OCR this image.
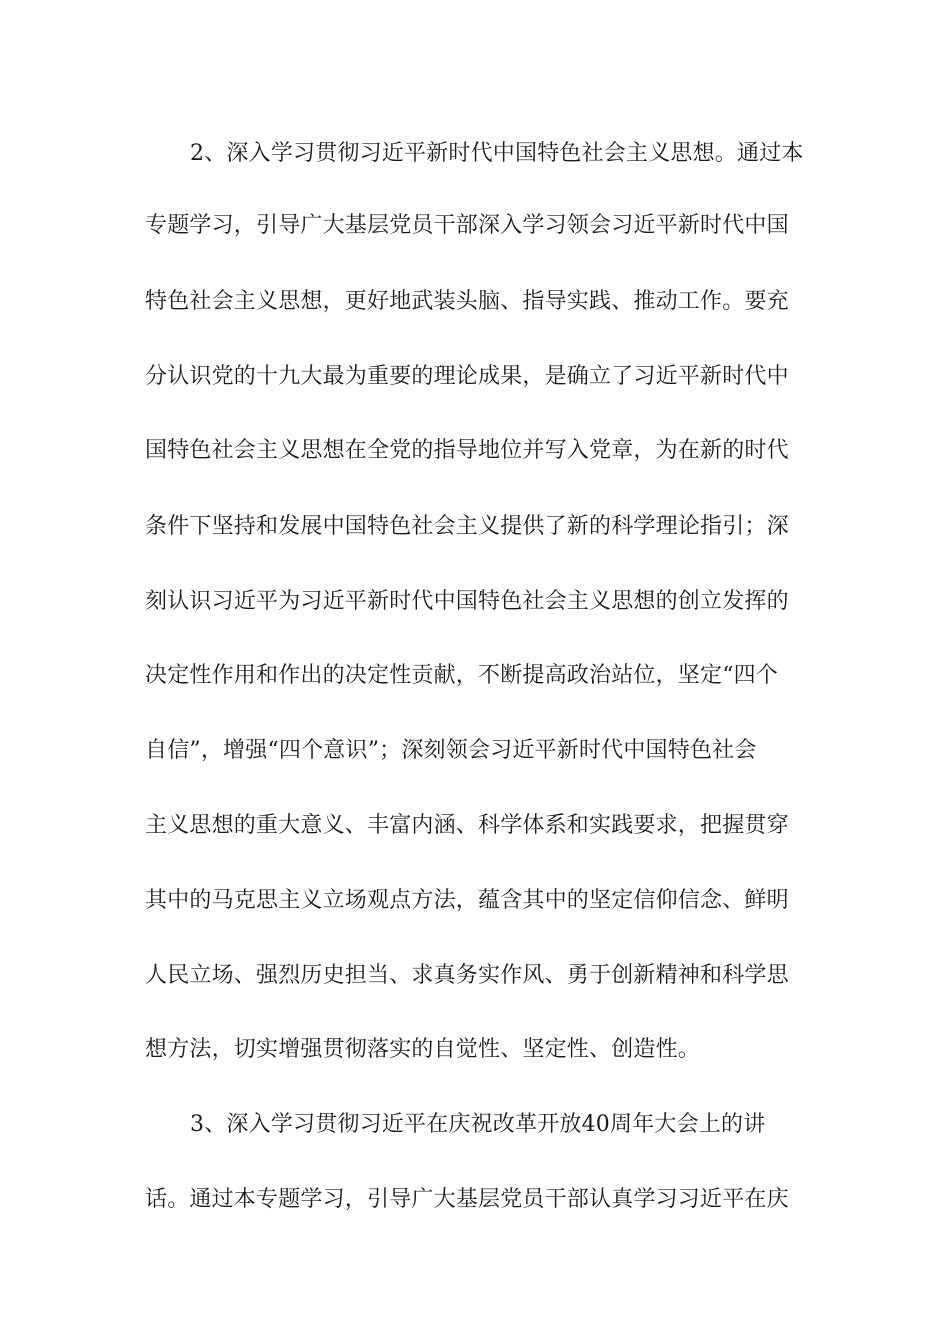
2、深入学习贯彻习近平新时代中国特色社会主义思想。通过本
专题学习，引导广大基层党员干部深入学习领会习近平新时代中国
特色社会主义思想，更好地武装头脑、指导实践、推动工作。要充
分认识党的十九大最为重要的理论成果，是确立了习近平新时代中
国特色社会主义思想在全党的指导地位并写入党章，为在新的时代
条件下坚持和发展中国特色社会主义提供了新的科学理论指引；深
刻认识习近平为习近平新时代中国特色社会主义思想的创立发挥的
决定性作用和作出的决定性贡献，不断提高政治站位，坚定“四个
自信”，增强“四个意识”；深刻领会习近平新时代中国特色社会
主义思想的重大意义、丰富内涵、科学体系和实践要求，把握贯穿
其中的马克思主义立场观点方法，蕴含其中的坚定信仰信念、鲜明
人民立场、强烈历史担当、求真务实作风、勇于创新精神和科学思
想方法，切实增强贯彻落实的自觉性、坚定性、创造性。
3、深入学习贯彻习近平在庆祝改革开放40周年大会上的讲
话。通过本专题学习，引导广大基层党员干部认真学习习近平在庆
